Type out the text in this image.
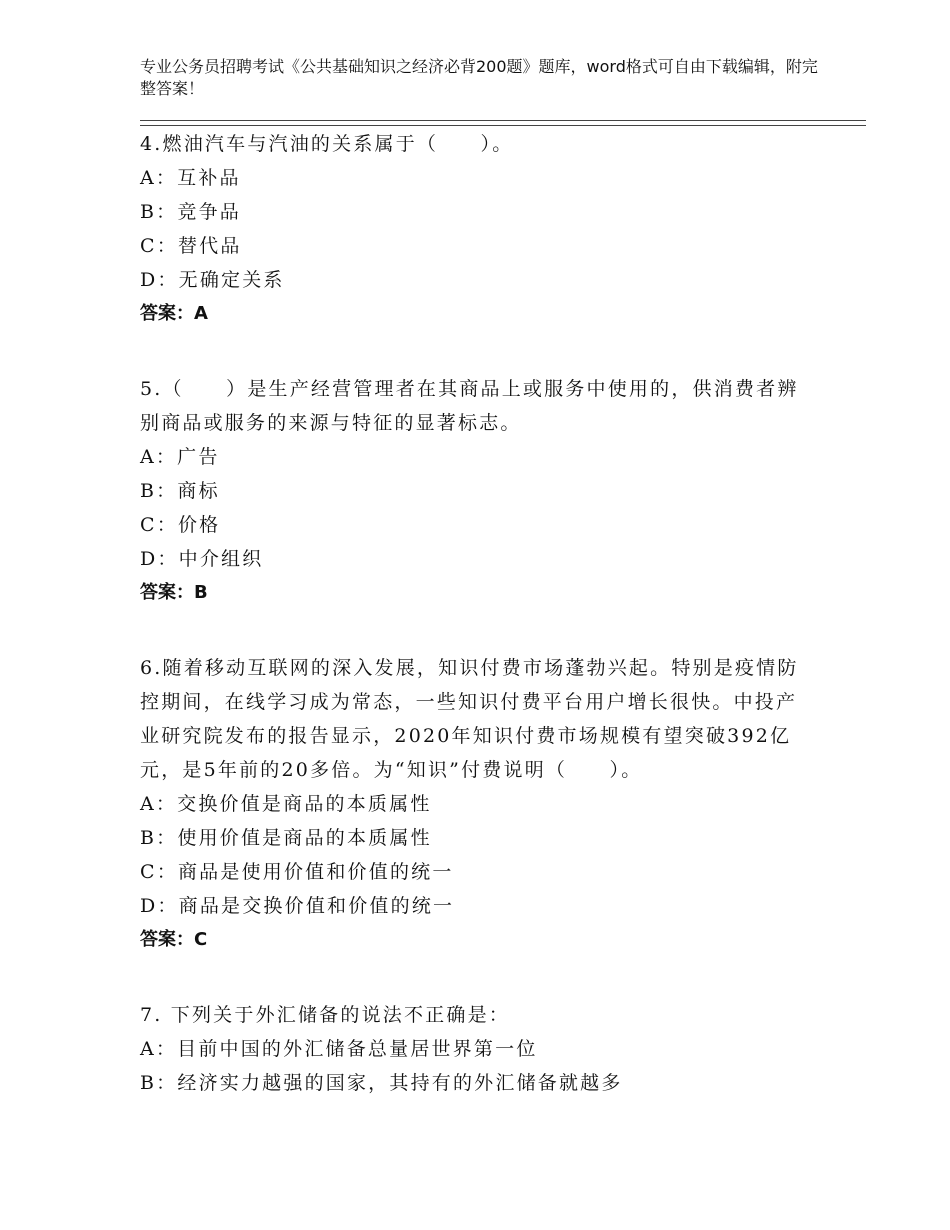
专业公务员招聘考试《公共基础知识之经济必背200题》题库，word格式可自由下载编辑，附完整答案！

4.燃油汽车与汽油的关系属于（　　）。

A：互补品

B：竞争品

C：替代品

D：无确定关系

答案：A

5.（　　）是生产经营管理者在其商品上或服务中使用的，供消费者辨别商品或服务的来源与特征的显著标志。

A：广告

B：商标

C：价格

D：中介组织

答案：B

6.随着移动互联网的深入发展，知识付费市场蓬勃兴起。特别是疫情防控期间，在线学习成为常态，一些知识付费平台用户增长很快。中投产业研究院发布的报告显示，2020年知识付费市场规模有望突破392亿元，是5年前的20多倍。为“知识”付费说明（　　）。

A：交换价值是商品的本质属性

B：使用价值是商品的本质属性

C：商品是使用价值和价值的统一

D：商品是交换价值和价值的统一

答案：C

7. 下列关于外汇储备的说法不正确是：

A：目前中国的外汇储备总量居世界第一位

B：经济实力越强的国家，其持有的外汇储备就越多
